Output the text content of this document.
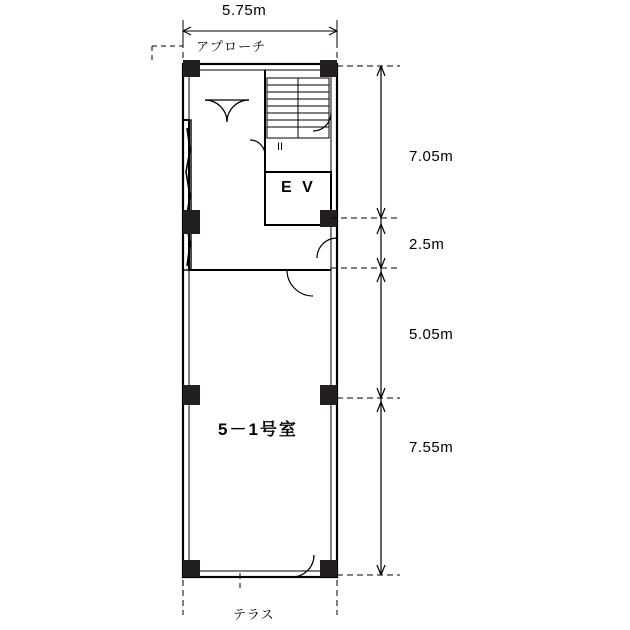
5.75m
アプローチ
E V
II
5－1号室
テラス
7.05m
2.5m
5.05m
7.55m
